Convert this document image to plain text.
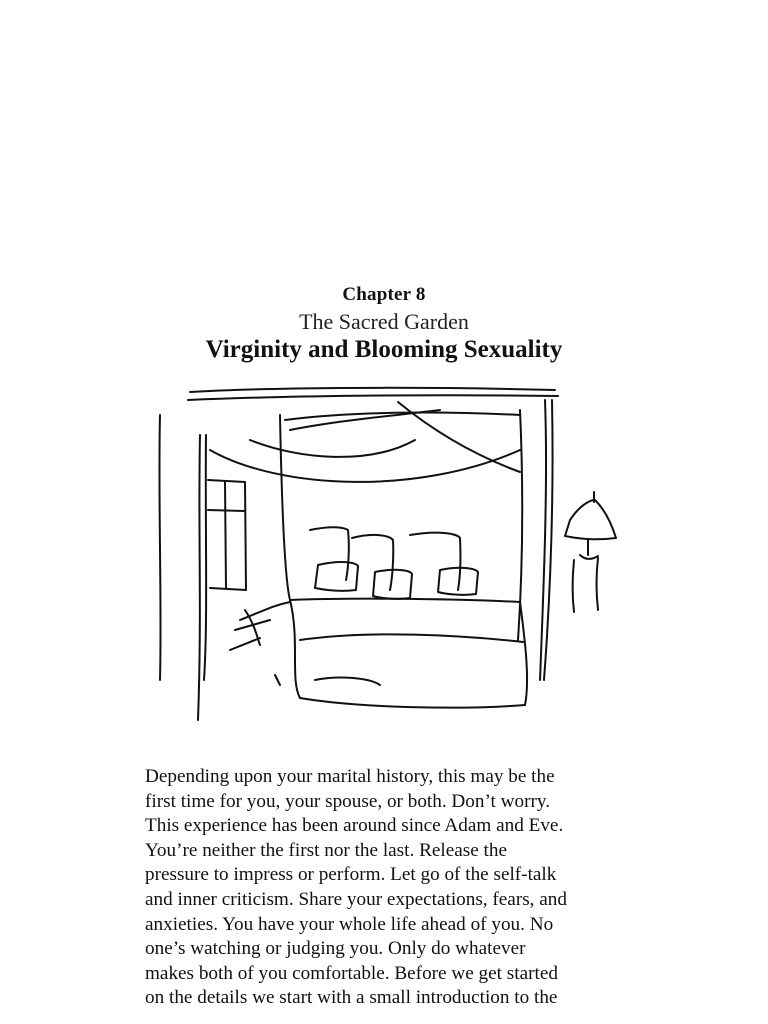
Chapter 8
The Sacred Garden
Virginity and Blooming Sexuality
Depending upon your marital history, this may be the
first time for you, your spouse, or both. Don’t worry.
This experience has been around since Adam and Eve.
You’re neither the first nor the last. Release the
pressure to impress or perform. Let go of the self-talk
and inner criticism. Share your expectations, fears, and
anxieties. You have your whole life ahead of you. No
one’s watching or judging you. Only do whatever
makes both of you comfortable. Before we get started
on the details we start with a small introduction to the
